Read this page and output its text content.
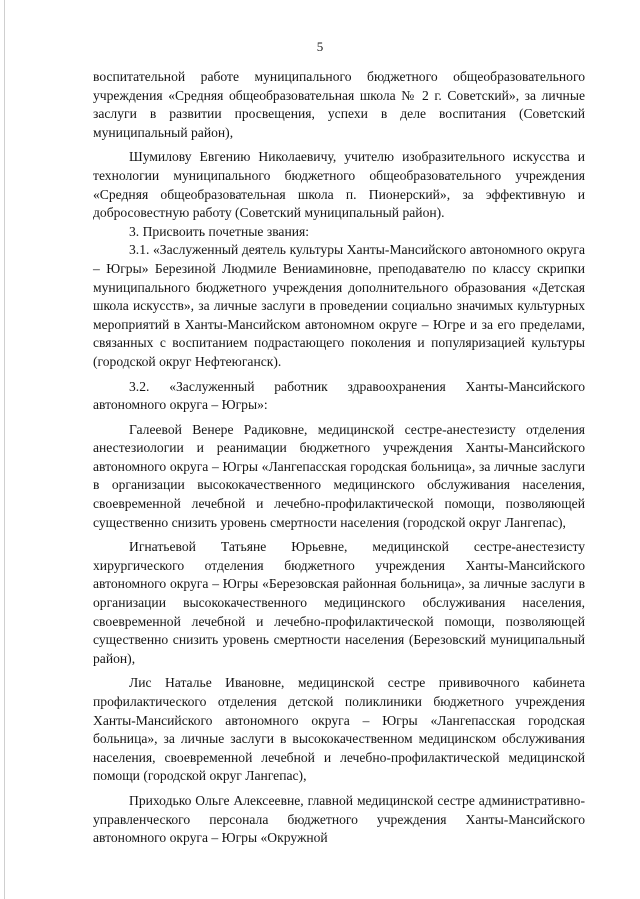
5

воспитательной работе муниципального бюджетного общеобразовательного учреждения «Средняя общеобразовательная школа № 2 г. Советский», за личные заслуги в развитии просвещения, успехи в деле воспитания (Советский муниципальный район),

Шумилову Евгению Николаевичу, учителю изобразительного искусства и технологии муниципального бюджетного общеобразовательного учреждения «Средняя общеобразовательная школа п. Пионерский», за эффективную и добросовестную работу (Советский муниципальный район).

3. Присвоить почетные звания:

3.1. «Заслуженный деятель культуры Ханты-Мансийского автономного округа – Югры» Березиной Людмиле Вениаминовне, преподавателю по классу скрипки муниципального бюджетного учреждения дополнительного образования «Детская школа искусств», за личные заслуги в проведении социально значимых культурных мероприятий в Ханты-Мансийском автономном округе – Югре и за его пределами, связанных с воспитанием подрастающего поколения и популяризацией культуры (городской округ Нефтеюганск).

3.2. «Заслуженный работник здравоохранения Ханты-Мансийского автономного округа – Югры»:

Галеевой Венере Радиковне, медицинской сестре-анестезисту отделения анестезиологии и реанимации бюджетного учреждения Ханты-Мансийского автономного округа – Югры «Лангепасская городская больница», за личные заслуги в организации высококачественного медицинского обслуживания населения, своевременной лечебной и лечебно-профилактической помощи, позволяющей существенно снизить уровень смертности населения (городской округ Лангепас),

Игнатьевой Татьяне Юрьевне, медицинской сестре-анестезисту хирургического отделения бюджетного учреждения Ханты-Мансийского автономного округа – Югры «Березовская районная больница», за личные заслуги в организации высококачественного медицинского обслуживания населения, своевременной лечебной и лечебно-профилактической помощи, позволяющей существенно снизить уровень смертности населения (Березовский муниципальный район),

Лис Наталье Ивановне, медицинской сестре прививочного кабинета профилактического отделения детской поликлиники бюджетного учреждения Ханты-Мансийского автономного округа – Югры «Лангепасская городская больница», за личные заслуги в высококачественном медицинском обслуживания населения, своевременной лечебной и лечебно-профилактической медицинской помощи (городской округ Лангепас),

Приходько Ольге Алексеевне, главной медицинской сестре административно-управленческого персонала бюджетного учреждения Ханты-Мансийского автономного округа – Югры «Окружной
